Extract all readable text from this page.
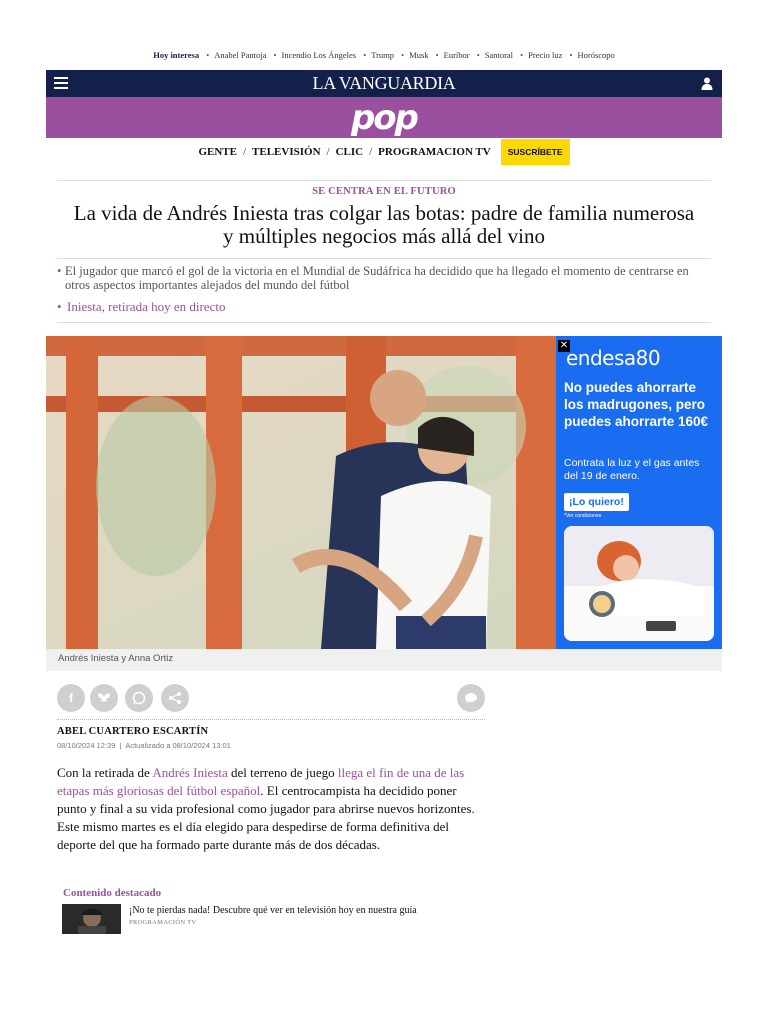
Hoy interesa • Anabel Pantoja • Incendio Los Ángeles • Trump • Musk • Euríbor • Santoral • Precio luz • Horóscopo
LA VANGUARDIA
pop
GENTE / TELEVISIÓN / CLIC / PROGRAMACION TV	SUSCRÍBETE
SE CENTRA EN EL FUTURO
La vida de Andrés Iniesta tras colgar las botas: padre de familia numerosa y múltiples negocios más allá del vino
• El jugador que marcó el gol de la victoria en el Mundial de Sudáfrica ha decidido que ha llegado el momento de centrarse en otros aspectos importantes alejados del mundo del fútbol
• Iniesta, retirada hoy en directo
Andrés Iniesta y Anna Ortiz
✕
endesa80
No puedes ahorrarte los madrugones, pero puedes ahorrarte 160€
Contrata la luz y el gas antes del 19 de enero.
¡Lo quiero!
*Ver condiciones
f
ABEL CUARTERO ESCARTÍN
08/10/2024 12:39 | Actualizado a 08/10/2024 13:01

Con la retirada de Andrés Iniesta del terreno de juego llega el fin de una de las etapas más gloriosas del fútbol español. El centrocampista ha decidido poner punto y final a su vida profesional como jugador para abrirse nuevos horizontes. Este mismo martes es el día elegido para despedirse de forma definitiva del deporte del que ha formado parte durante más de dos décadas.

Contenido destacado
¡No te pierdas nada! Descubre qué ver en televisión hoy en nuestra guía
PROGRAMACIÓN TV
